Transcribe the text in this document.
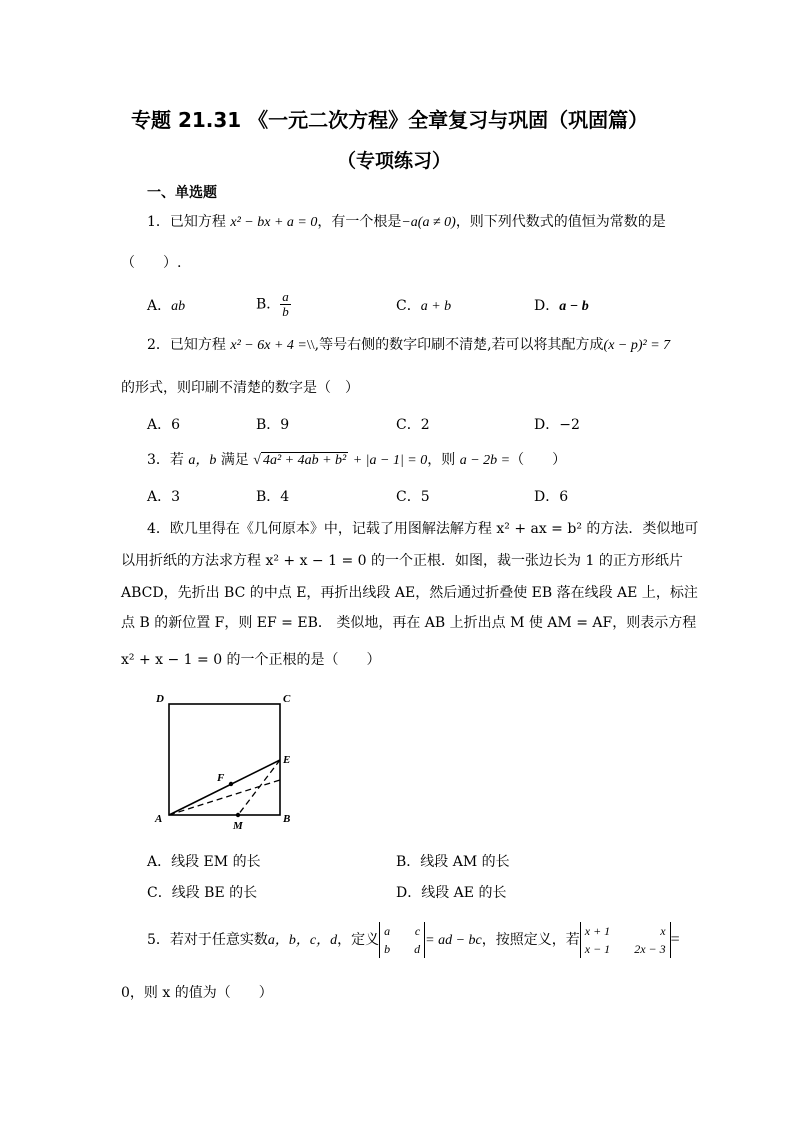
专题 21.31 《一元二次方程》全章复习与巩固（巩固篇）
（专项练习）
一、单选题
1．已知方程 x² − bx + a = 0，有一个根是−a(a ≠ 0)，则下列代数式的值恒为常数的是
（　　）.
A．ab	B． $\frac{a}{b}$	C．a + b	D．a − b
2．已知方程 x² − 6x + 4 =\\,等号右侧的数字印刷不清楚,若可以将其配方成(x − p)² = 7
的形式，则印刷不清楚的数字是（　）
A．6	B．9	C．2	D．−2
3．若 a，b 满足 √ 4a² + 4ab + b² + |a − 1| = 0，则 a − 2b =（　　）
A．3	B．4	C．5	D．6
4．欧几里得在《几何原本》中，记载了用图解法解方程 x² + ax = b² 的方法．类似地可
以用折纸的方法求方程 x² + x − 1 = 0 的一个正根．如图，裁一张边长为 1 的正方形纸片
ABCD，先折出 BC 的中点 E，再折出线段 AE，然后通过折叠使 EB 落在线段 AE 上，标注
点 B 的新位置 F，则 EF = EB． 类似地，再在 AB 上折出点 M 使 AM = AF，则表示方程
x² + x − 1 = 0 的一个正根的是（　　）
D	C
E
F
A
M
B
A．线段 EM 的长	B．线段 AM 的长
C．线段 BE 的长	D．线段 AE 的长
5．若对于任意实数a，b，c，d，定义
a c
b d
= ad − bc，按照定义，若
x + 1	x
x − 1 2x − 3
=
0，则 x 的值为（　　）
